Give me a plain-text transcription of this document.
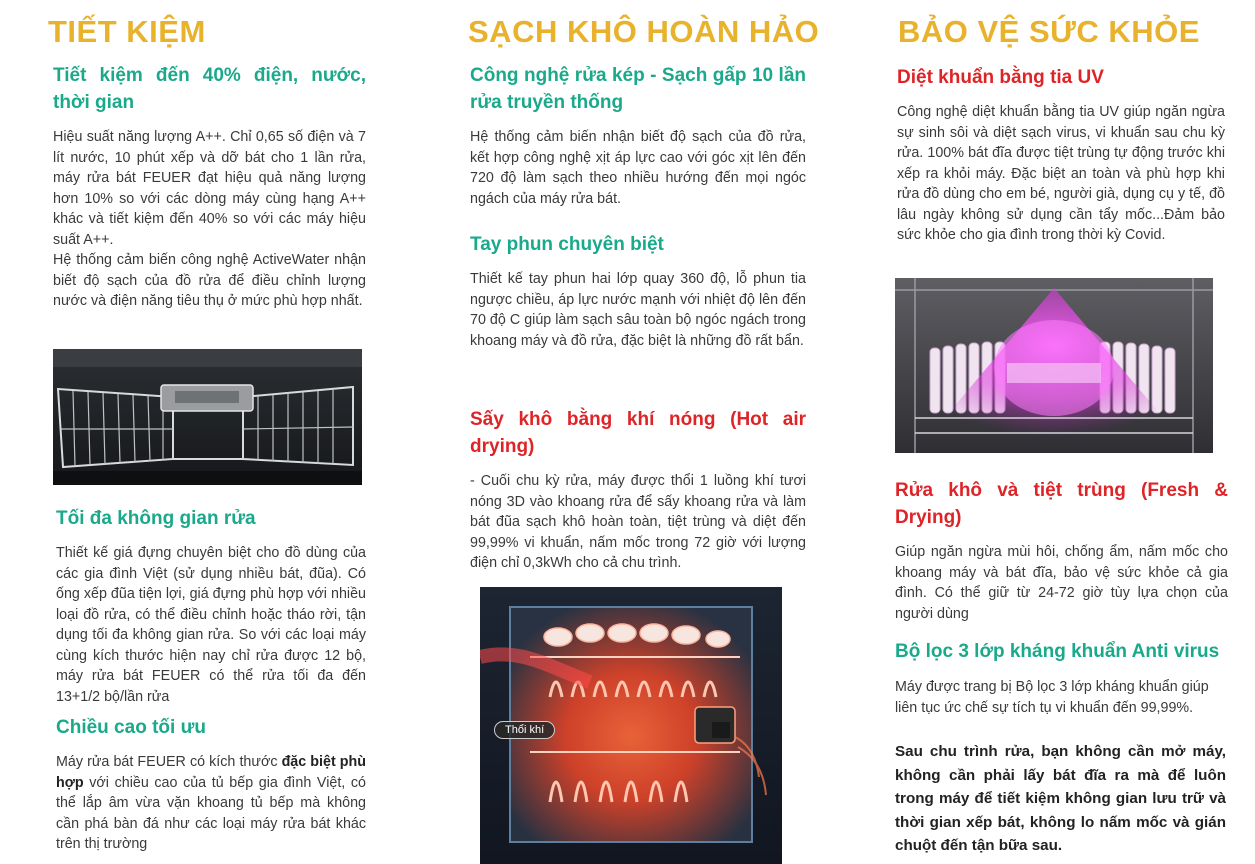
TIẾT KIỆM
Tiết kiệm đến 40% điện, nước, thời gian

Hiệu suất năng lượng A++. Chỉ 0,65 số điện và 7 lít nước, 10 phút xếp và dỡ bát cho 1 lần rửa, máy rửa bát FEUER đạt hiệu quả năng lượng hơn 10% so với các dòng máy cùng hạng A++ khác và tiết kiệm đến 40% so với các máy hiệu suất A++.

Hệ thống cảm biến công nghệ ActiveWater nhận biết độ sạch của đồ rửa để điều chỉnh lượng nước và điện năng tiêu thụ ở mức phù hợp nhất.

Tối đa không gian rửa

Thiết kế giá đựng chuyên biệt cho đồ dùng của các gia đình Việt (sử dụng nhiều bát, đũa). Có ống xếp đũa tiện lợi, giá đựng phù hợp với nhiều loại đồ rửa, có thể điều chỉnh hoặc tháo rời, tận dụng tối đa không gian rửa. So với các loại máy cùng kích thước hiện nay chỉ rửa được 12 bộ, máy rửa bát FEUER có thể rửa tối đa đến 13+1/2 bộ/lần rửa

Chiều cao tối ưu

Máy rửa bát FEUER có kích thước đặc biệt phù hợp với chiều cao của tủ bếp gia đình Việt, có thể lắp âm vừa vặn khoang tủ bếp mà không cần phá bàn đá như các loại máy rửa bát khác trên thị trường

SẠCH KHÔ HOÀN HẢO
Công nghệ rửa kép - Sạch gấp 10 lần rửa truyền thống

Hệ thống cảm biến nhận biết độ sạch của đồ rửa, kết hợp công nghệ xịt áp lực cao với góc xịt lên đến 720 độ làm sạch theo nhiều hướng đến mọi ngóc ngách của máy rửa bát.

Tay phun chuyên biệt

Thiết kế tay phun hai lớp quay 360 độ, lỗ phun tia ngược chiều, áp lực nước mạnh với nhiệt độ lên đến 70 độ C giúp làm sạch sâu toàn bộ ngóc ngách trong khoang máy và đồ rửa, đặc biệt là những đồ rất bẩn.

Sấy khô bằng khí nóng (Hot air drying)

- Cuối chu kỳ rửa, máy được thổi 1 luồng khí tươi nóng 3D vào khoang rửa để sấy khoang rửa và làm bát đũa sạch khô hoàn toàn, tiệt trùng và diệt đến 99,99% vi khuẩn, nấm mốc trong 72 giờ với lượng điện chỉ 0,3kWh cho cả chu trình.

Thổi khí
BẢO VỆ SỨC KHỎE
Diệt khuẩn bằng tia UV

Công nghệ diệt khuẩn bằng tia UV giúp ngăn ngừa sự sinh sôi và diệt sạch virus, vi khuẩn sau chu kỳ rửa. 100% bát đĩa được tiệt trùng tự động trước khi xếp ra khỏi máy. Đặc biệt an toàn và phù hợp khi rửa đồ dùng cho em bé, người già, dụng cụ y tế, đồ lâu ngày không sử dụng cần tẩy mốc...Đảm bảo sức khỏe cho gia đình trong thời kỳ Covid.

Rửa khô và tiệt trùng (Fresh & Drying)

Giúp ngăn ngừa mùi hôi, chống ẩm, nấm mốc cho khoang máy và bát đĩa, bảo vệ sức khỏe cả gia đình. Có thể giữ từ 24-72 giờ tùy lựa chọn của người dùng

Bộ lọc 3 lớp kháng khuẩn Anti virus

Máy được trang bị Bộ lọc 3 lớp kháng khuẩn giúp liên tục ức chế sự tích tụ vi khuẩn đến 99,99%.

Sau chu trình rửa, bạn không cần mở máy, không cần phải lấy bát đĩa ra mà để luôn trong máy để tiết kiệm không gian lưu trữ và thời gian xếp bát, không lo nấm mốc và gián chuột đến tận bữa sau.
